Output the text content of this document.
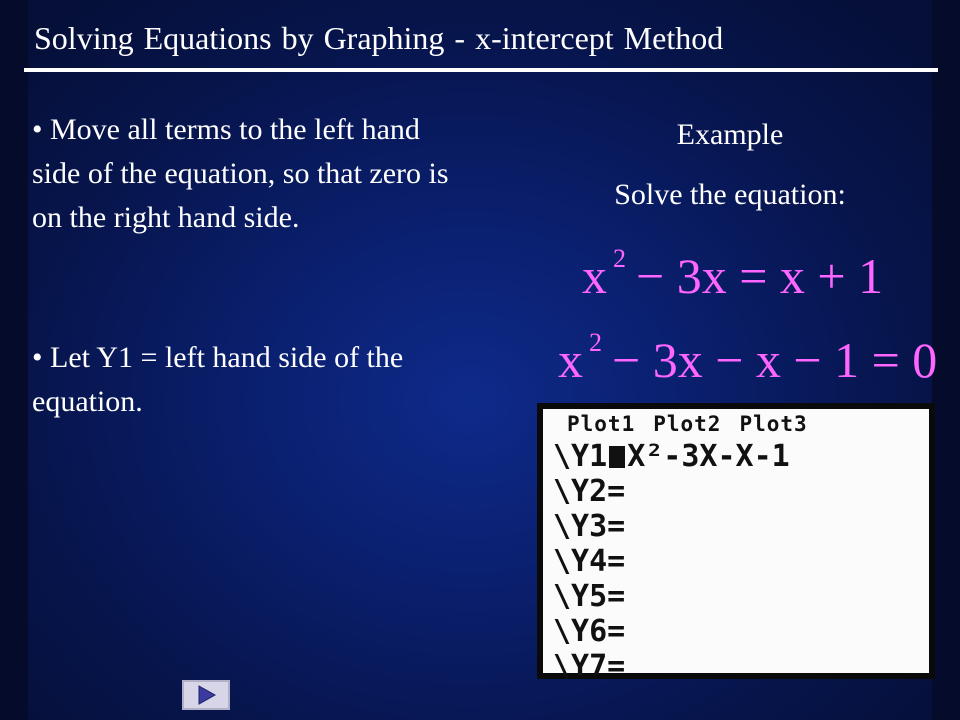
Solving Equations by Graphing - x-intercept Method
• Move all terms to the left hand side of the equation, so that zero is on the right hand side.
• Let Y1 = left hand side of the equation.
Example
Solve the equation:
x $^2$ − 3x = x + 1
x $^2$ − 3x − x − 1 = 0
Plot1 Plot2 Plot3
\Y1 X²-3X-X-1
\Y2=
\Y3=
\Y4=
\Y5=
\Y6=
\Y7=
